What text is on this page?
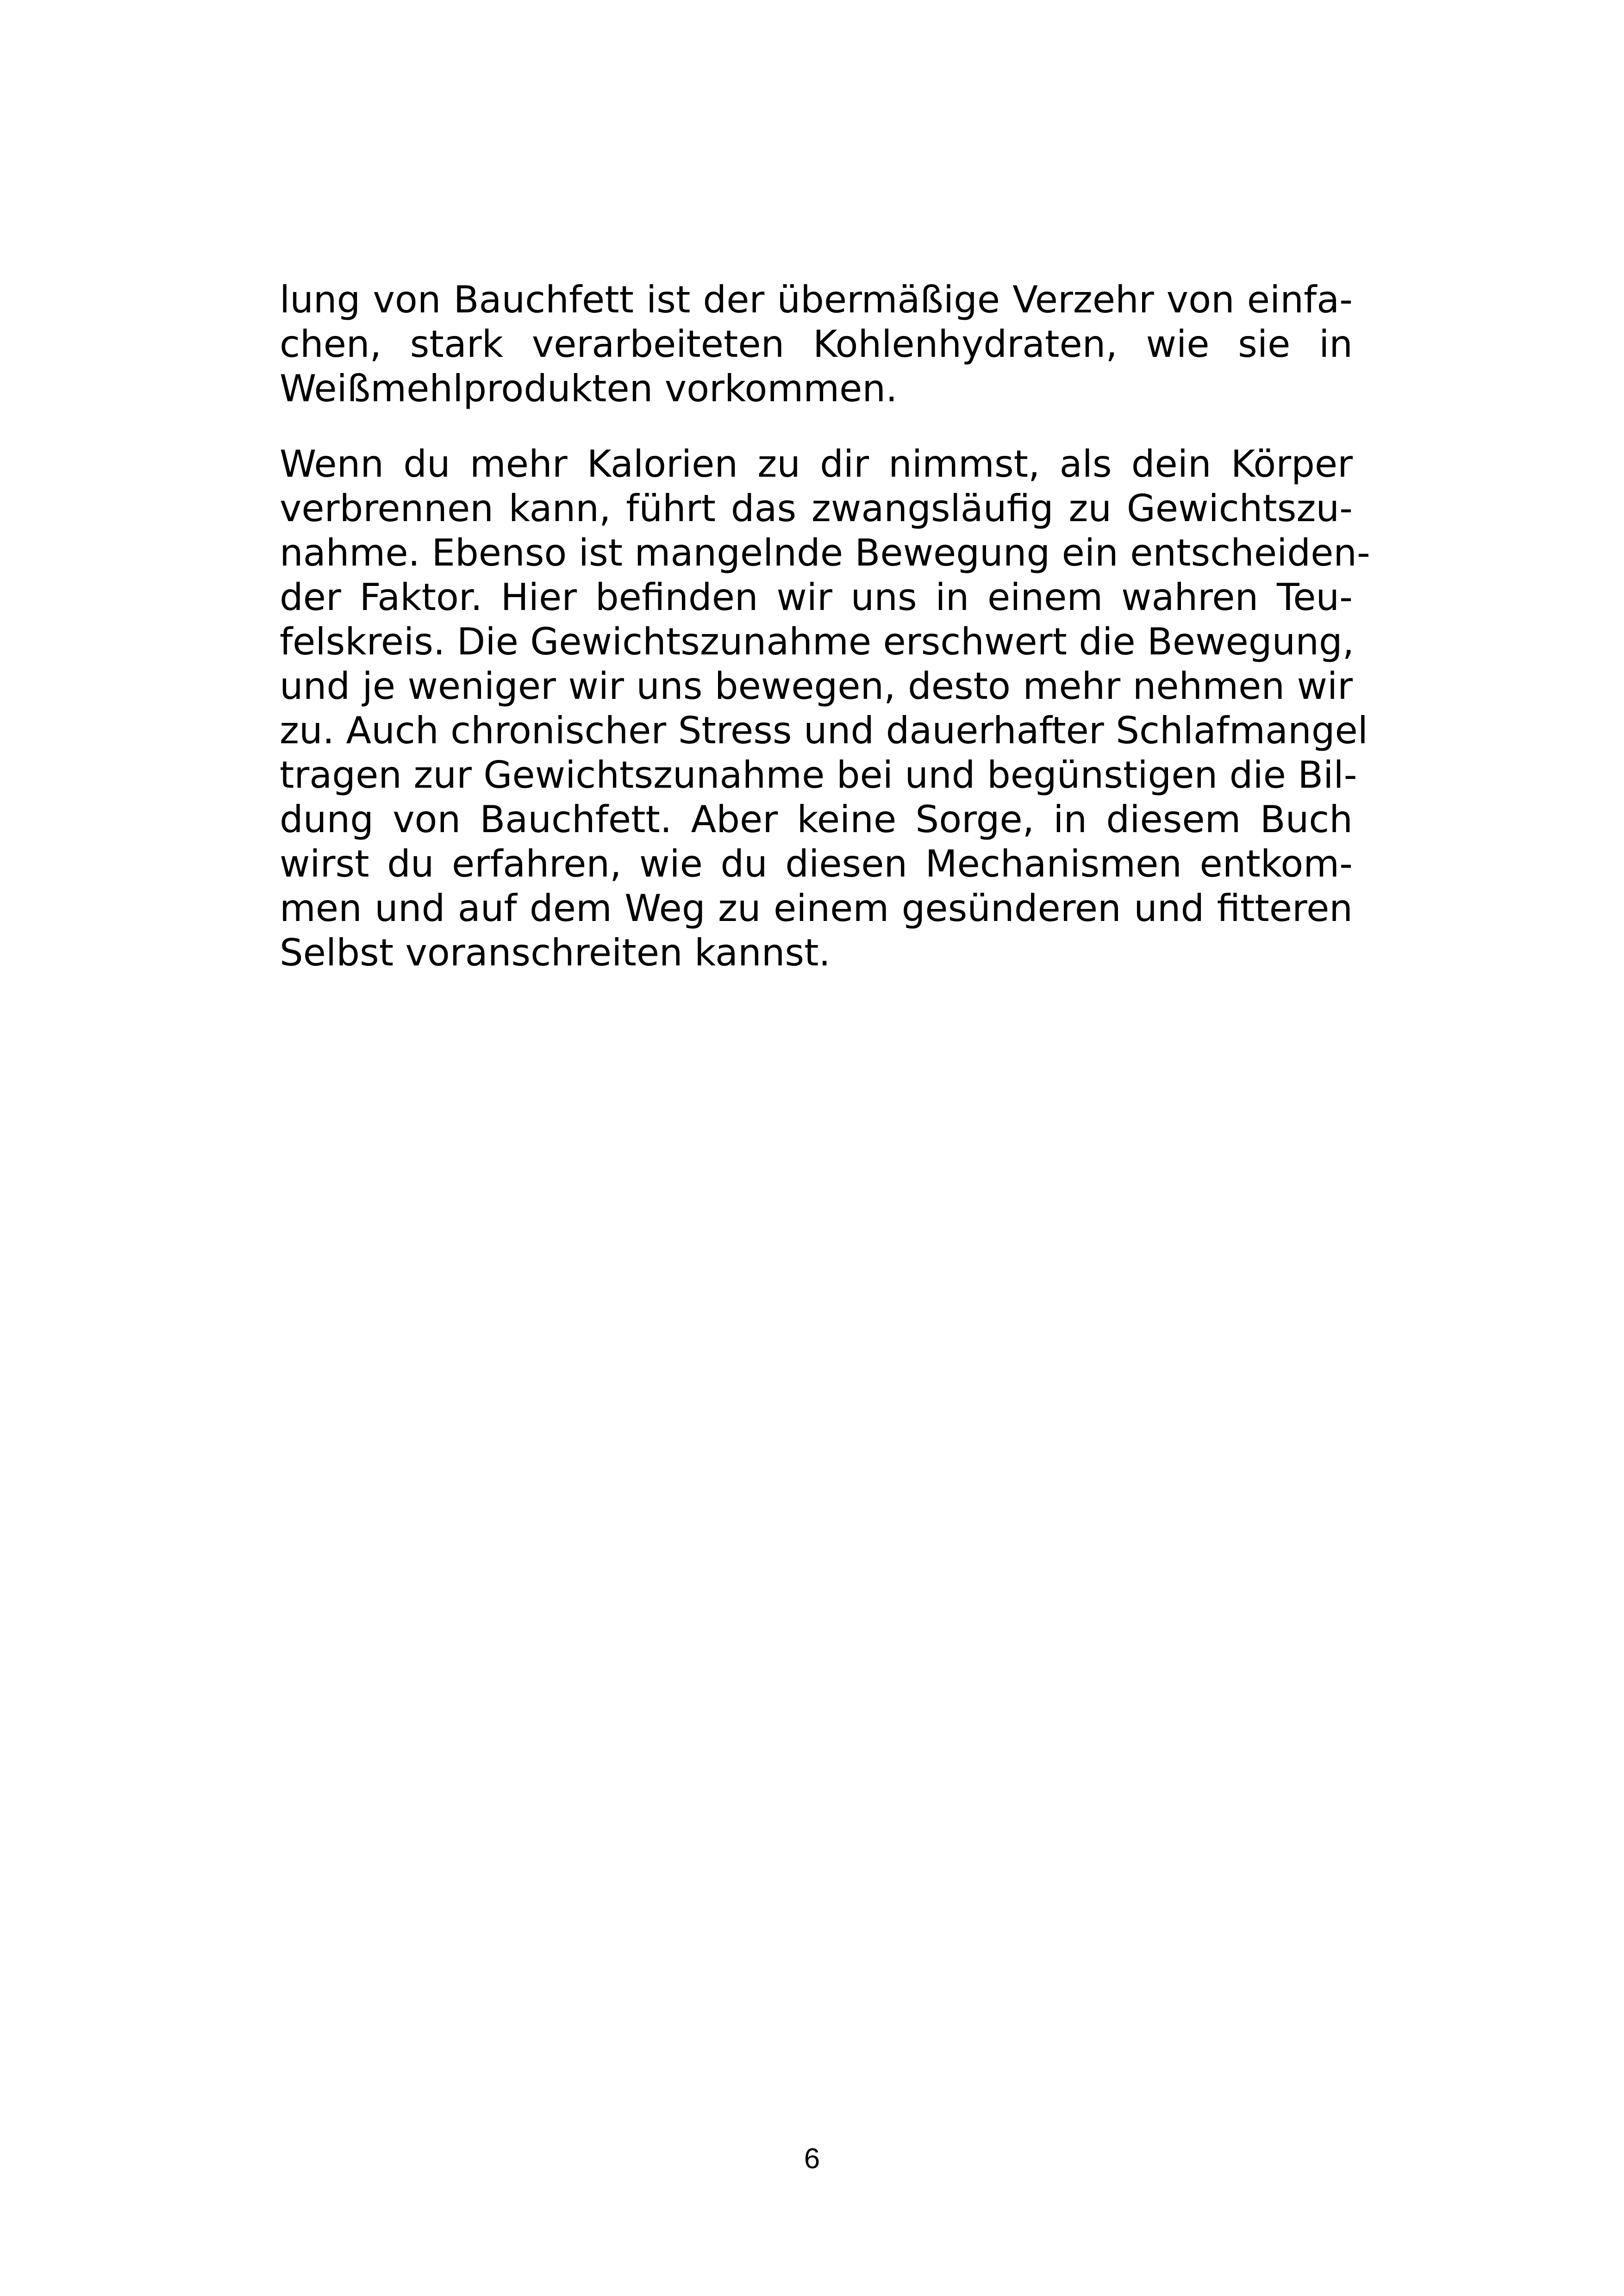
lung von Bauchfett ist der übermäßige Verzehr von einfa-
chen, stark verarbeiteten Kohlenhydraten, wie sie in
Weißmehlprodukten vorkommen.
Wenn du mehr Kalorien zu dir nimmst, als dein Körper
verbrennen kann, führt das zwangsläufig zu Gewichtszu-
nahme. Ebenso ist mangelnde Bewegung ein entscheiden-
der Faktor. Hier befinden wir uns in einem wahren Teu-
felskreis. Die Gewichtszunahme erschwert die Bewegung,
und je weniger wir uns bewegen, desto mehr nehmen wir
zu. Auch chronischer Stress und dauerhafter Schlafmangel
tragen zur Gewichtszunahme bei und begünstigen die Bil-
dung von Bauchfett. Aber keine Sorge, in diesem Buch
wirst du erfahren, wie du diesen Mechanismen entkom-
men und auf dem Weg zu einem gesünderen und fitteren
Selbst voranschreiten kannst.
6
